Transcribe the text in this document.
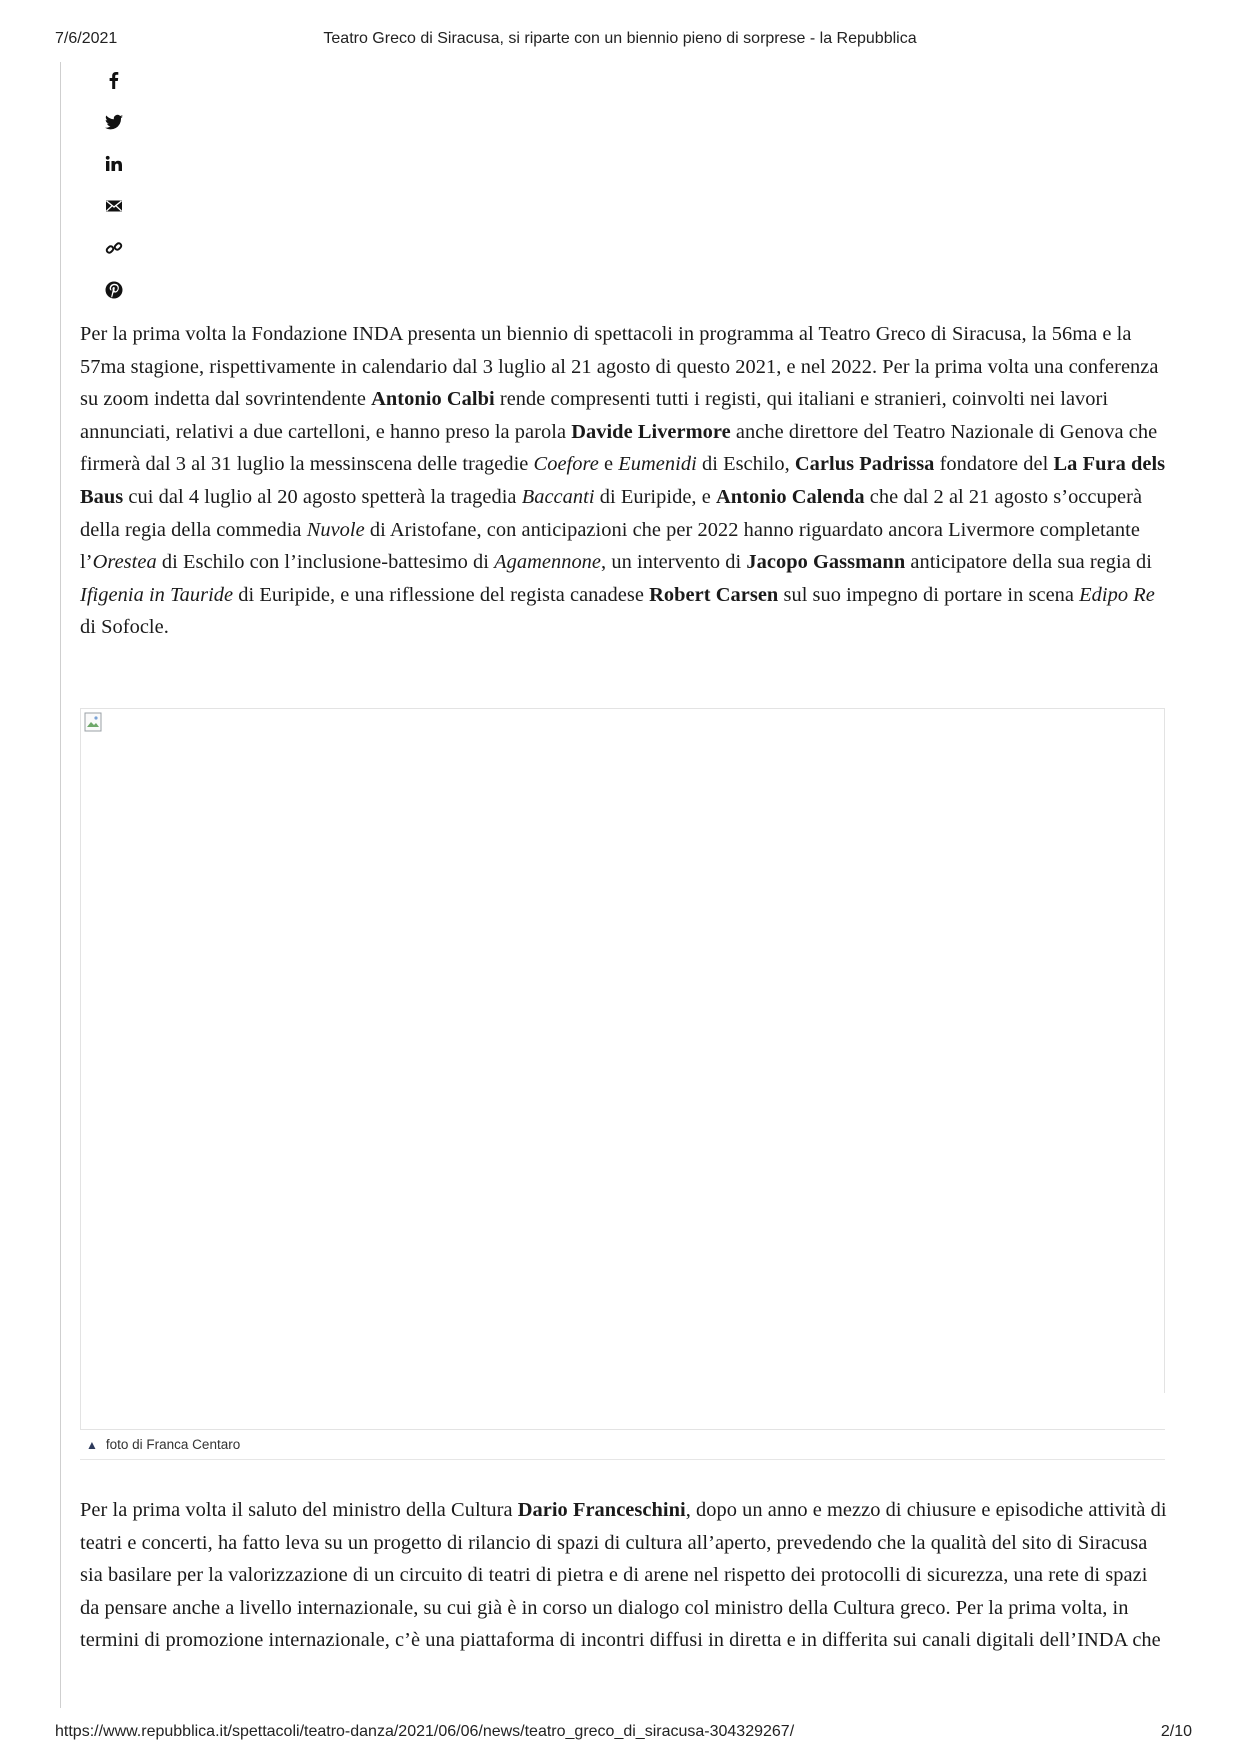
7/6/2021	Teatro Greco di Siracusa, si riparte con un biennio pieno di sorprese - la Repubblica

Per la prima volta la Fondazione INDA presenta un biennio di spettacoli in programma al Teatro Greco di Siracusa, la 56ma e la 57ma stagione, rispettivamente in calendario dal 3 luglio al 21 agosto di questo 2021, e nel 2022. Per la prima volta una conferenza su zoom indetta dal sovrintendente Antonio Calbi rende compresenti tutti i registi, qui italiani e stranieri, coinvolti nei lavori annunciati, relativi a due cartelloni, e hanno preso la parola Davide Livermore anche direttore del Teatro Nazionale di Genova che firmerà dal 3 al 31 luglio la messinscena delle tragedie Coefore e Eumenidi di Eschilo, Carlus Padrissa fondatore del La Fura dels Baus cui dal 4 luglio al 20 agosto spetterà la tragedia Baccanti di Euripide, e Antonio Calenda che dal 2 al 21 agosto s’occuperà della regia della commedia Nuvole di Aristofane, con anticipazioni che per 2022 hanno riguardato ancora Livermore completante l’Orestea di Eschilo con l’inclusione-battesimo di Agamennone, un intervento di Jacopo Gassmann anticipatore della sua regia di Ifigenia in Tauride di Euripide, e una riflessione del regista canadese Robert Carsen sul suo impegno di portare in scena Edipo Re di Sofocle.

▲ foto di Franca Centaro

Per la prima volta il saluto del ministro della Cultura Dario Franceschini, dopo un anno e mezzo di chiusure e episodiche attività di teatri e concerti, ha fatto leva su un progetto di rilancio di spazi di cultura all’aperto, prevedendo che la qualità del sito di Siracusa sia basilare per la valorizzazione di un circuito di teatri di pietra e di arene nel rispetto dei protocolli di sicurezza, una rete di spazi da pensare anche a livello internazionale, su cui già è in corso un dialogo col ministro della Cultura greco. Per la prima volta, in termini di promozione internazionale, c’è una piattaforma di incontri diffusi in diretta e in differita sui canali digitali dell’INDA che

https://www.repubblica.it/spettacoli/teatro-danza/2021/06/06/news/teatro_greco_di_siracusa-304329267/	2/10
